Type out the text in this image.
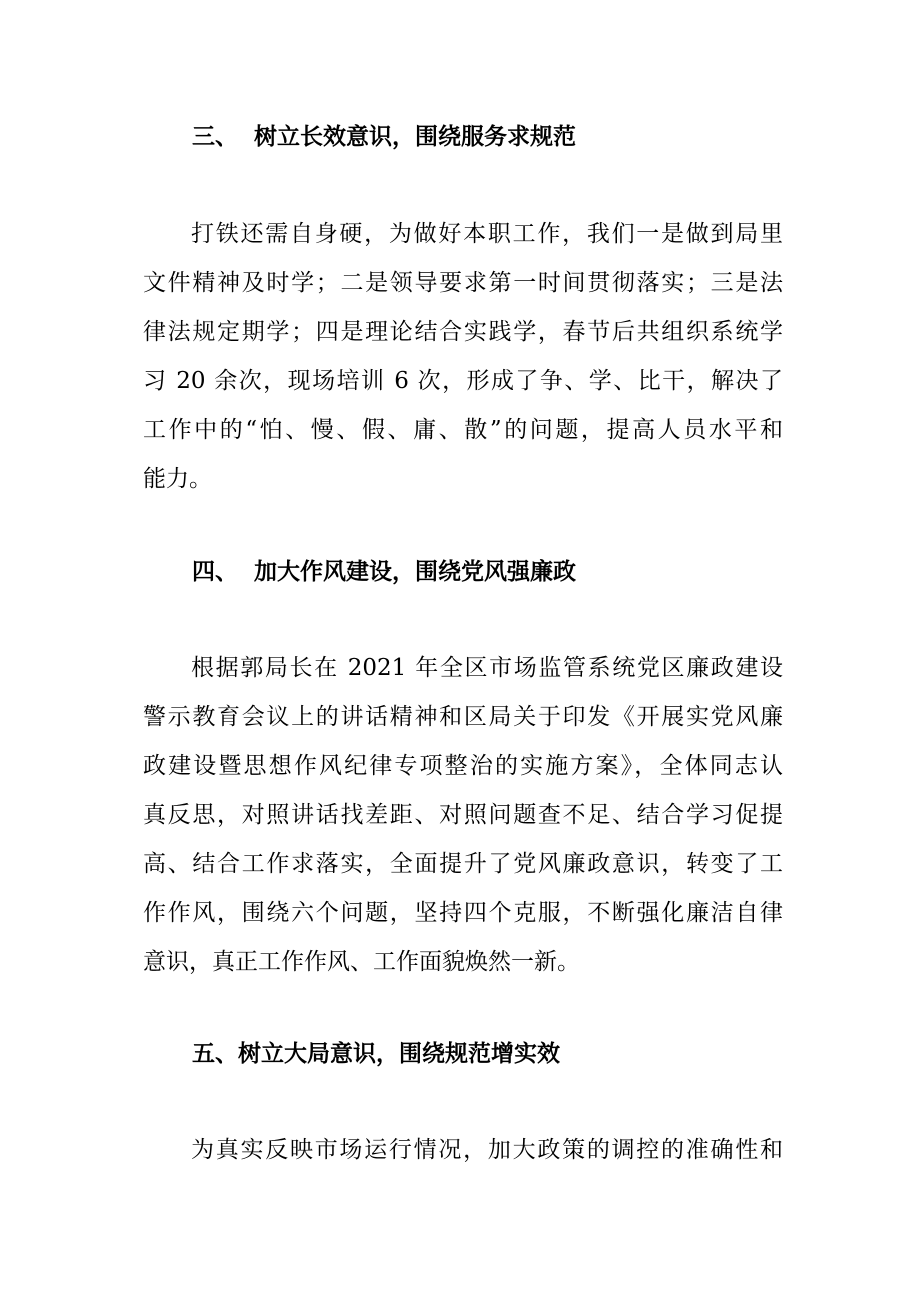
三、  树立长效意识，围绕服务求规范
打铁还需自身硬，为做好本职工作，我们一是做到局里
文件精神及时学；二是领导要求第一时间贯彻落实；三是法
律法规定期学；四是理论结合实践学，春节后共组织系统学
习 20 余次，现场培训 6 次，形成了争、学、比干，解决了
工作中的“怕、慢、假、庸、散”的问题，提高人员水平和
能力。
四、  加大作风建设，围绕党风强廉政
根据郭局长在 2021 年全区市场监管系统党区廉政建设
警示教育会议上的讲话精神和区局关于印发《开展实党风廉
政建设暨思想作风纪律专项整治的实施方案》，全体同志认
真反思，对照讲话找差距、对照问题查不足、结合学习促提
高、结合工作求落实，全面提升了党风廉政意识，转变了工
作作风，围绕六个问题，坚持四个克服，不断强化廉洁自律
意识，真正工作作风、工作面貌焕然一新。
五、树立大局意识，围绕规范增实效
为真实反映市场运行情况，加大政策的调控的准确性和
